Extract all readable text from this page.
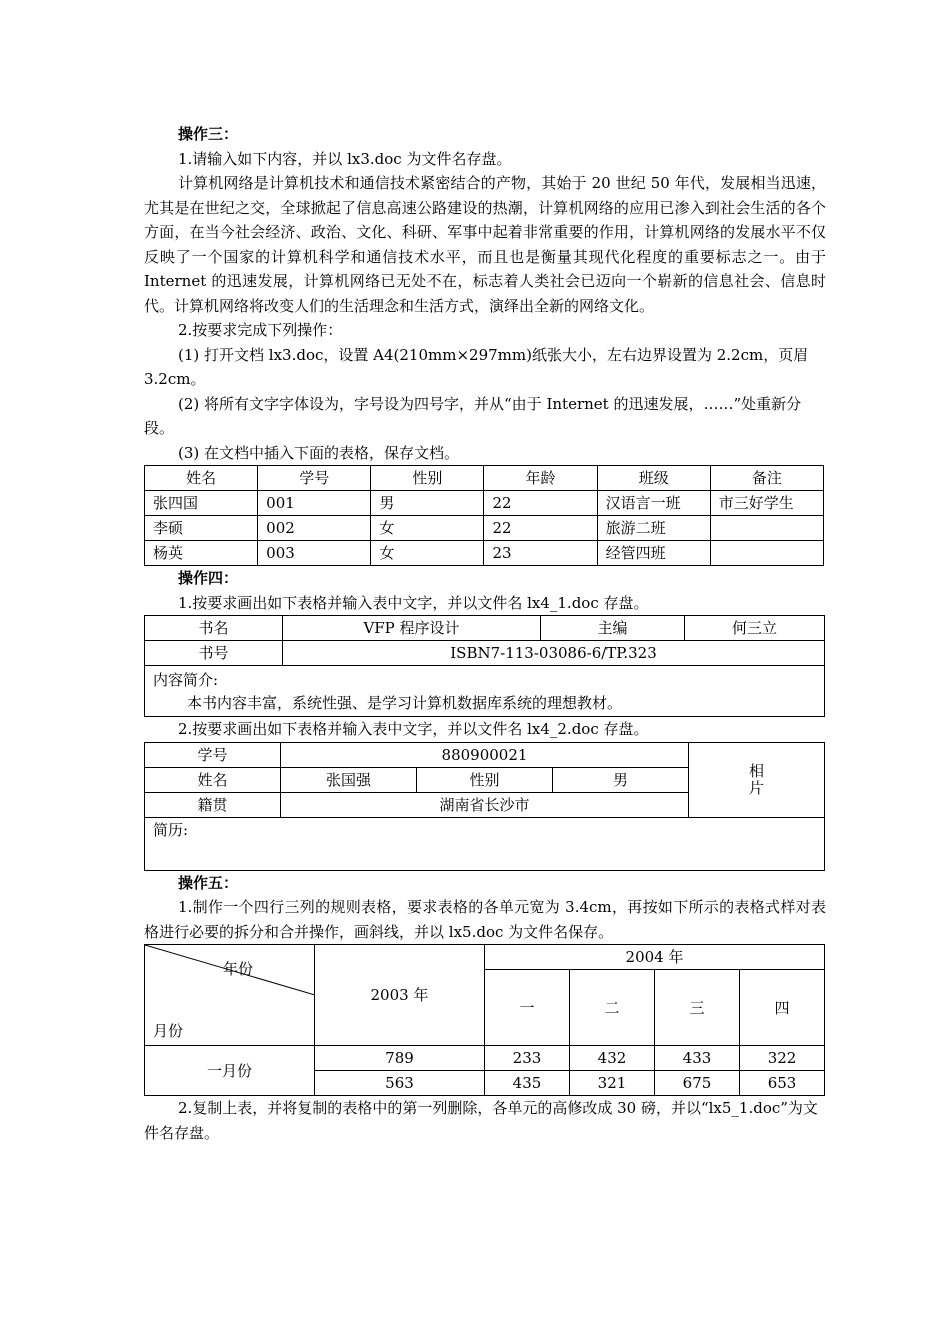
操作三：

1.请输入如下内容，并以 lx3.doc 为文件名存盘。

计算机网络是计算机技术和通信技术紧密结合的产物，其始于 20 世纪 50 年代，发展相当迅速，尤其是在世纪之交，全球掀起了信息高速公路建设的热潮，计算机网络的应用已渗入到社会生活的各个方面，在当今社会经济、政治、文化、科研、军事中起着非常重要的作用，计算机网络的发展水平不仅反映了一个国家的计算机科学和通信技术水平，而且也是衡量其现代化程度的重要标志之一。由于 Internet 的迅速发展，计算机网络已无处不在，标志着人类社会已迈向一个崭新的信息社会、信息时代。计算机网络将改变人们的生活理念和生活方式，演绎出全新的网络文化。

2.按要求完成下列操作：

(1) 打开文档 lx3.doc，设置 A4(210mm×297mm)纸张大小，左右边界设置为 2.2cm，页眉 3.2cm。

(2) 将所有文字字体设为，字号设为四号字，并从“由于 Internet 的迅速发展，……”处重新分段。

(3) 在文档中插入下面的表格，保存文档。

姓名	学号	性别	年龄	班级	备注
张四国	001	男	22	汉语言一班	市三好学生
李硕	002	女	22	旅游二班	
杨英	003	女	23	经管四班	

操作四：

1.按要求画出如下表格并输入表中文字，并以文件名 lx4_1.doc 存盘。

书名	VFP 程序设计	主编	何三立
书号	ISBN7-113-03086-6/TP.323		

内容简介:
本书内容丰富，系统性强、是学习计算机数据库系统的理想教材。			

2.按要求画出如下表格并输入表中文字，并以文件名 lx4_2.doc 存盘。

学号	880900021			相
片

姓名	张国强	性别	男	
籍贯	湖南省长沙市			
简历:				

操作五：

1.制作一个四行三列的规则表格，要求表格的各单元宽为 3.4cm，再按如下所示的表格式样对表格进行必要的拆分和合并操作，画斜线，并以 lx5.doc 为文件名保存。

年份
月份	2003 年	2004 年			
		一	二	三	四
一月份	789	233	432	433	322
	563	435	321	675	653

2.复制上表，并将复制的表格中的第一列删除，各单元的高修改成 30 磅，并以“lx5_1.doc”为文件名存盘。
